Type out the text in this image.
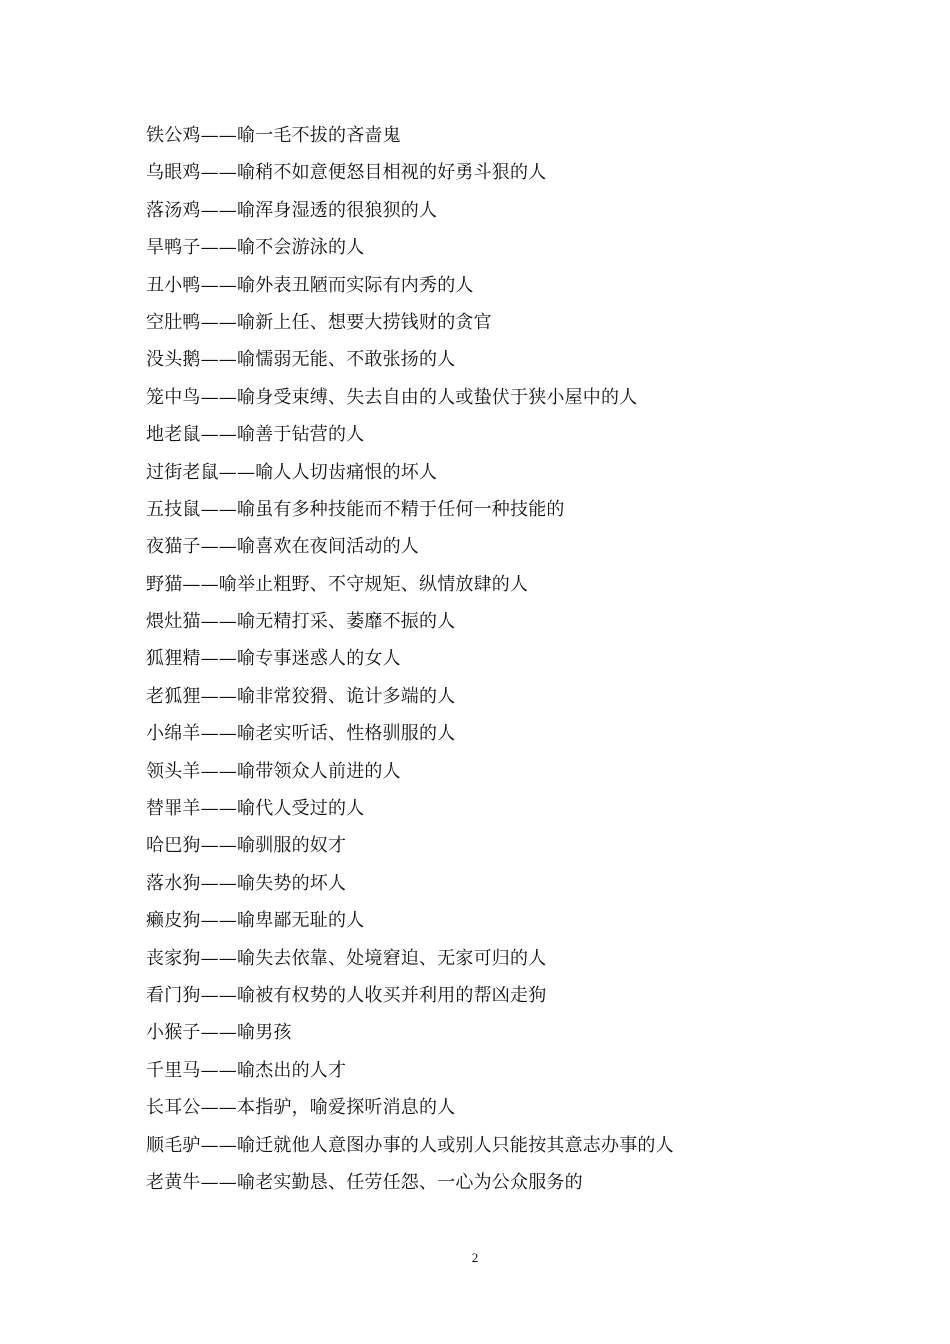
铁公鸡——喻一毛不拔的吝啬鬼
乌眼鸡——喻稍不如意便怒目相视的好勇斗狠的人
落汤鸡——喻浑身湿透的很狼狈的人
旱鸭子——喻不会游泳的人
丑小鸭——喻外表丑陋而实际有内秀的人
空肚鸭——喻新上任、想要大捞钱财的贪官
没头鹅——喻懦弱无能、不敢张扬的人
笼中鸟——喻身受束缚、失去自由的人或蛰伏于狭小屋中的人
地老鼠——喻善于钻营的人
过街老鼠——喻人人切齿痛恨的坏人
五技鼠——喻虽有多种技能而不精于任何一种技能的
夜猫子——喻喜欢在夜间活动的人
野猫——喻举止粗野、不守规矩、纵情放肆的人
煨灶猫——喻无精打采、萎靡不振的人
狐狸精——喻专事迷惑人的女人
老狐狸——喻非常狡猾、诡计多端的人
小绵羊——喻老实听话、性格驯服的人
领头羊——喻带领众人前进的人
替罪羊——喻代人受过的人
哈巴狗——喻驯服的奴才
落水狗——喻失势的坏人
癞皮狗——喻卑鄙无耻的人
丧家狗——喻失去依靠、处境窘迫、无家可归的人
看门狗——喻被有权势的人收买并利用的帮凶走狗
小猴子——喻男孩
千里马——喻杰出的人才
长耳公——本指驴，喻爱探听消息的人
顺毛驴——喻迁就他人意图办事的人或别人只能按其意志办事的人
老黄牛——喻老实勤恳、任劳任怨、一心为公众服务的
2
